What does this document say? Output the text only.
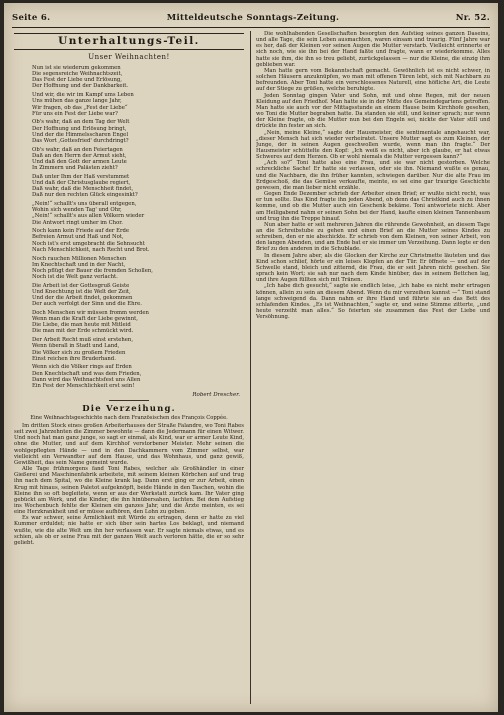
Seite 6.	Mitteldeutsche Sonntags-Zeitung.	Nr. 52.
Unterhaltungs-Teil.
Unser Weihnachten!
Nun ist sie wiederum gekommen
Die segensreiche Weihnachtszeit,
Das Fest der Liebe und Erlösung,
Der Hoffnung und der Dankbarkeit.
Und wir, die wir im Kampf ums Leben
Uns mühen das ganze lange Jahr,
Wir fragen, ob das „Fest der Liebe“
Für uns ein Fest der Liebe war?
Ob's wahr, daß an dem Tag der Welt
Der Hoffnung und Erlösung bringt,
Und der die Himmelsscharen Engel
Das Wort ,Gottesfried' durchdringt?
Ob's wahr, daß an den Feiertagen
Daß an den Herrn der Armut sieht,
Und daß den Gott der armen Leute
In Zimmern und Palästen zieht?
Daß unter Ihm der Haß verstummet
Und daß der Christusglaube regiert,
Daß wahr, daß die Menschheit findet,
Daß nur den rechten Glück eingesinkt?
„Nein!“ schallt's uns überall entgegen,
Wohin sich wenden Tag' und Ohr,
„Nein!“ schallt's aus allen Völkern wieder
Die Antwort ringt umher im Chor.
Noch kann kein Friede auf der Erde
Befreien Armut und Haß und Not,
Noch ist's erst umgebracht die Sehnsucht
Nach Menschlichkeit, nach Recht und Brot.
Noch rauchen Millionen Menschen
Im Knechtschaft und in der Nacht,
Noch pflügt der Bauer die fremden Schollen,
Noch ist die Welt ganz verlacht.
Die Arbeit ist der Gottesgruß Geiste
Und Knechtung ist die Welt der Zeit,
Und der die Arbeit findet, gekommen
Der auch verfolgt der Sinn und die Ehre.
Doch Menschen wir müssen fromm werden
Wenn man die Kraft der Liebe gewinnt,
Die Liebe, die man heute mit Mitleid
Die man mit der Erde schmückt wird.
Der Arbeit Recht muß einst erstehen,
Wenn überall in Stadt und Land,
Die Völker sich zu großem Frieden
Einst reichen ihre Bruderhand.
Wenn sich die Völker rings auf Erden
Den Knechtschaft und was dem Frieden,
Dann wird das Weihnachtsfest uns Allen
Ein Fest der Menschlichkeit erst sein!
Robert Drescher.
Die Verzeihung.
Eine Weihnachtsgeschichte nach dem Französischen des François Coppée.

Im dritten Stock eines großen Arbeiterhauses der Straße Falandre, wo Toni Rabes seit zwei Jahrzehnten die Zimmer bewohnte — dann die Jedermann für einen Witwer. Und noch hat man ganz junge, so sagt er einmal, als Kind, war er armer Leute Kind, ohne die Mutter, und auf dem Kirchhof verstorbener Meister. Mehr seinen die wohlgepflegten Hände — und in den Dachkammern vom Zimmer selbst, war vielleicht ein Verwandter auf dem Hause, und das Wohnhaus, und ganz gewiß, Gewißheit, das sein Name gemeint wurde.

Alle Tage frühmorgens fand Toni Rabes, welcher als Großhändler in einer Gießerei und Maschinenfabrik arbeitete, mit seinem kleinen Körbchen auf und trug ihn nach dem Spital, wo die Kleine krank lag. Dann erst ging er zur Arbeit, einen Krug mit hinaus, seinen Paletot aufgeknöpft, beide Hände in den Taschen, wohin die Kleine ihn so oft begleitete, wenn er aus der Werkstatt zurück kam. Ihr Vater ging gebückt am Werk, und die Kinder, die ihn hinübersahen, lachten. Bei dem Aufstieg ins Wochenbuch fehlte der Kleinen ein ganzes Jahr, und die Ärzte meinten, es sei eine Herzkrankheit und er müsse aufhören, den Lohn zu geben.

Es war schwer, seine Ärmlichkeit mit Würde zu ertragen, denn er hatte zu viel Kummer erduldet; nie hatte er sich über sein hartes Los beklagt, und niemand wußte, wie die alte Welt um ihn her verlassen war. Er sagte niemals etwas, und es schien, als ob er seine Frau mit der ganzen Welt auch verloren hätte, die er so sehr geliebt.

Die wohlhabenden Gesellschaften besorgten den Aufstieg seines ganzen Daseins, und alle Tage, die sein Leben ausmachten, waren einsam und traurig. Fünf Jahre war es her, daß der Kleinen vor seinen Augen die Mutter verstarb. Vielleicht erinnerte er sich noch, wie sie ihn bei der Hand faßte und fragte, wann er wiederkomme. Alles hatte sie ihm, die ihn so treu geliebt, zurückgelassen — nur die Kleine, die einzig ihm geblieben war.

Man hatte gern vom Bekanntschaft gemacht. Gewöhnlich ist es nicht schwer, in solchen Häusern anzuknüpfen, wo man mit offenen Türen lebt, sich mit Nachbarn zu befreunden. Aber Toni hatte ein verschlossenes Naturell, eine höfliche Art, die Leute auf der Stiege zu grüßen, welche beruhigte.

Jeden Sonntag gingen Vater und Sohn, mit und ohne Regen, mit der neuen Kleidung auf den Friedhof. Man hatte sie in der Mitte des Gemeindegartens getroffen. Man hatte sie auch vor der Mittagsstunde an einem Hause beim Kirchhofe gesehen, wo Toni die Mutter begraben hatte. Da standen sie still, und keiner sprach; nur wenn der Kleine fragte, ob die Mutter nun bei den Engeln sei, nickte der Vater still und drückte ihn fester an sich.

„Nein, meine Kleine,“ sagte der Hausmeister, die sentimentale angehaucht war, „dieser Mensch hat sich wieder verheiratet. Unsere Mutter sagt es zum Kleinen, der Junge, der in seinen Augen geschwollen wurde, wenn man ihn fragte.“ Der Hausmeister schüttelte den Kopf: „Ich weiß es nicht, aber ich glaube, er hat etwas Schweres auf dem Herzen. Ob er wohl niemals die Mutter vergessen kann?“

„Ach so?“ Toni hatte also eine Frau, und sie war nicht gestorben. Welche schreckliche Sache! Er hatte sie verlassen, oder sie ihn. Niemand wußte es genau, und die Nachbarn, die ihn früher kannten, schwiegen darüber. Nur die alte Frau im Erdgeschoß, die das Gemüse verkaufte, meinte, es sei eine gar traurige Geschichte gewesen, die man lieber nicht erzähle.

Gegen Ende Dezember schrieb der Arbeiter einen Brief; er wußte nicht recht, was er tun sollte. Das Kind fragte ihn jeden Abend, ob denn das Christkind auch zu ihnen komme, und ob die Mutter auch ein Geschenk bekäme. Toni antwortete nicht. Aber am Heiligabend nahm er seinen Sohn bei der Hand, kaufte einen kleinen Tannenbaum und trug ihn die Treppe hinauf.

Nun aber hatte er seit mehreren Jahren die rührende Gewohnheit, an diesem Tage an die Schreibstube zu gehen und einen Brief an die Mutter seines Kindes zu schreiben, den er nie abschickte. Er schrieb von dem Kleinen, von seiner Arbeit, von den langen Abenden, und am Ende bat er sie immer um Verzeihung. Dann legte er den Brief zu den anderen in die Schublade.

In diesem Jahre aber, als die Glocken der Kirche zur Christmette läuteten und das Kind schon schlief, hörte er ein leises Klopfen an der Tür. Er öffnete — und auf der Schwelle stand, bleich und zitternd, die Frau, die er seit Jahren nicht gesehen. Sie sprach kein Wort; sie sah nur nach dem Kinde hinüber, das in seinem Bettchen lag, und ihre Augen füllten sich mit Tränen.

„Ich habe dich gesucht,“ sagte sie endlich leise, „ich habe es nicht mehr ertragen können, allein zu sein an diesem Abend. Wenn du mir verzeihen kannst —“ Toni stand lange schweigend da. Dann nahm er ihre Hand und führte sie an das Bett des schlafenden Kindes. „Es ist Weihnachten,“ sagte er, und seine Stimme zitterte, „und heute verzeiht man alles.“ So feierten sie zusammen das Fest der Liebe und Versöhnung.
